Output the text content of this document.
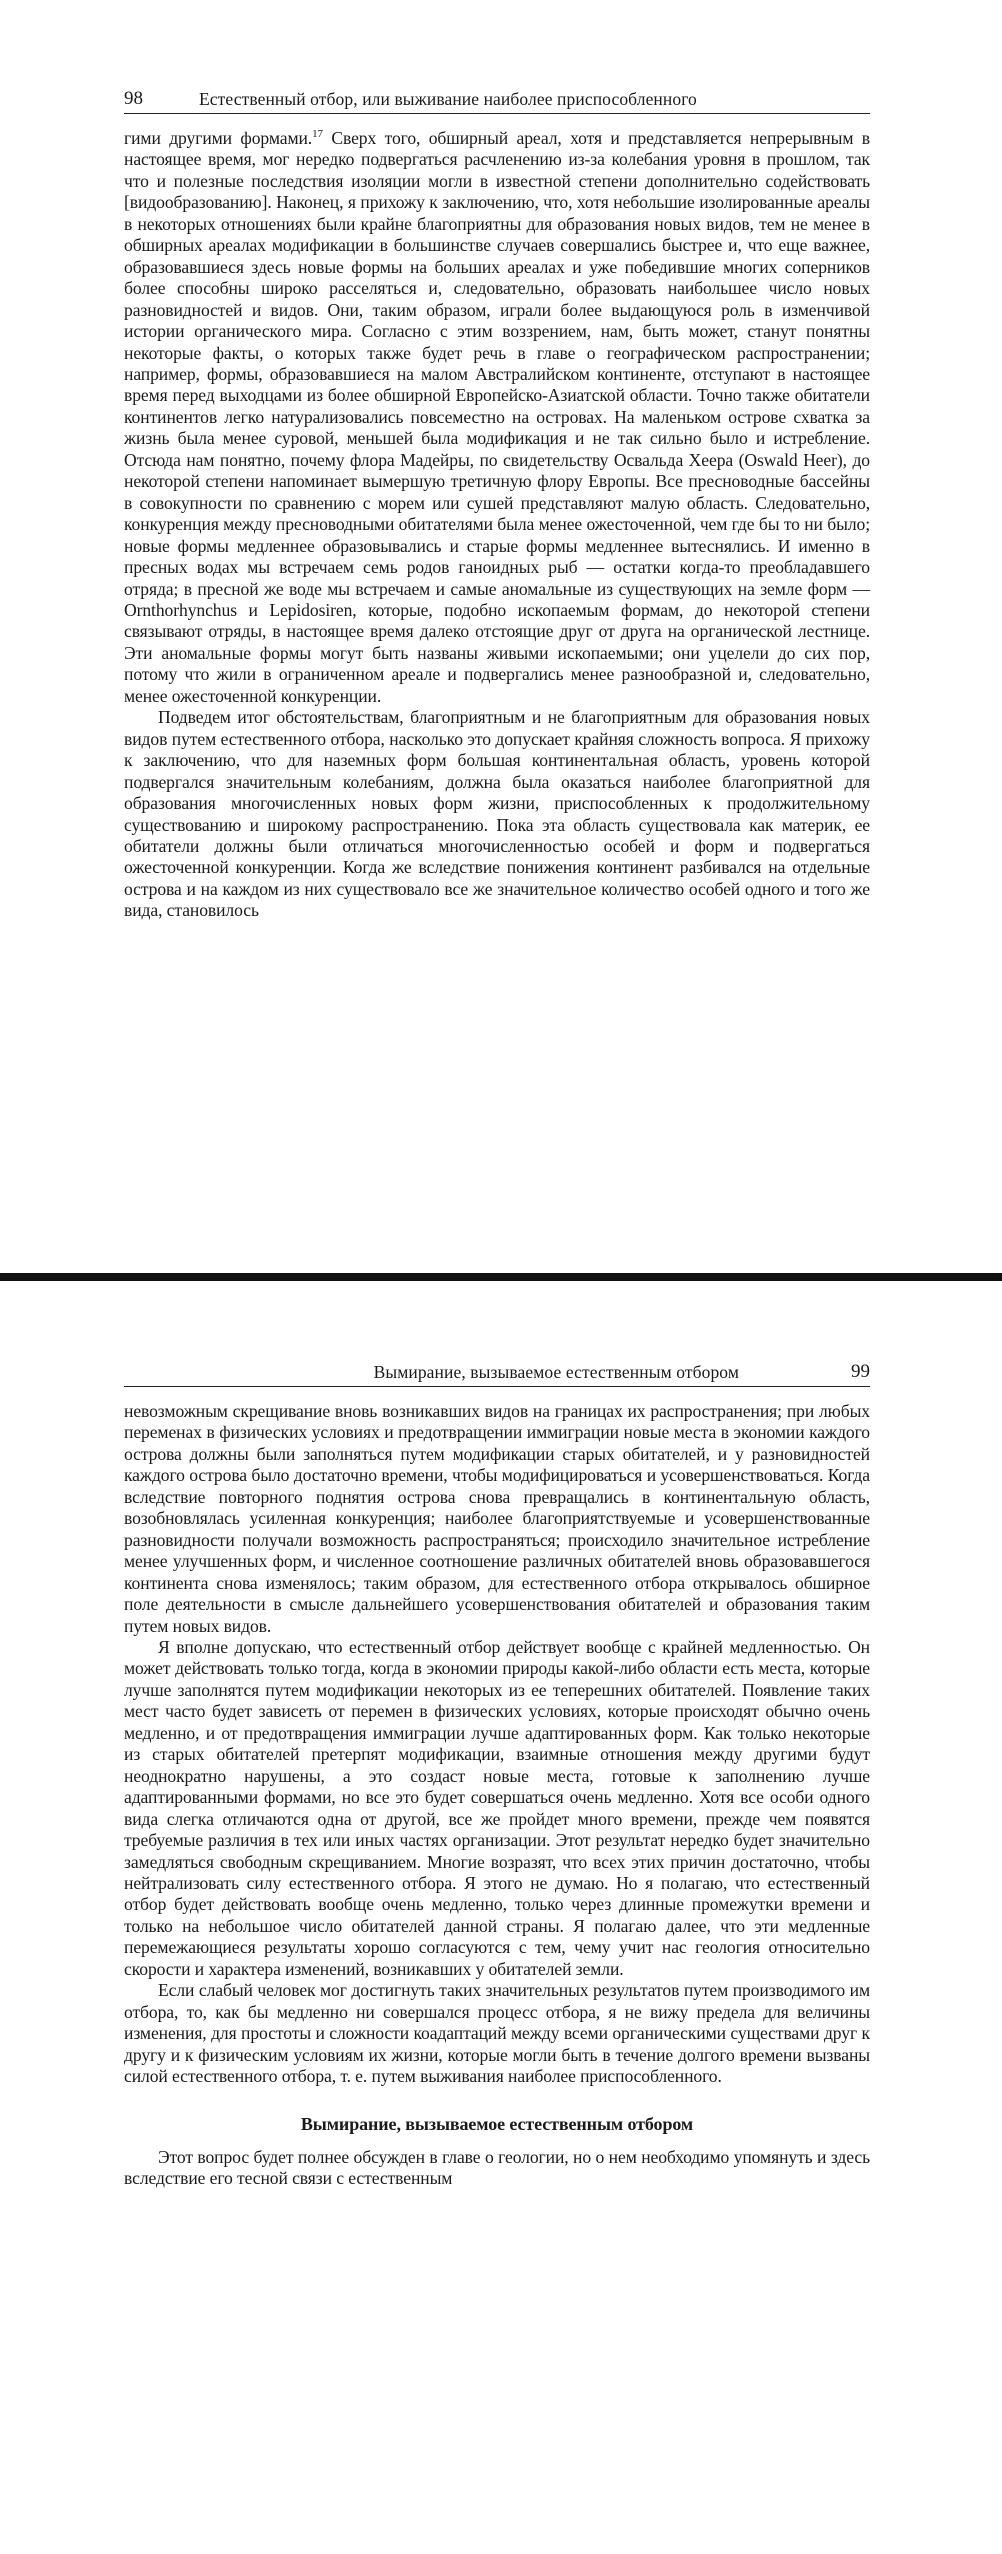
98	Естественный отбор, или выживание наиболее приспособленного

гими другими формами.$^{17}$ Сверх того, обширный ареал, хотя и представляется непрерывным в настоящее время, мог нередко подвергаться расчленению из-за колебания уровня в прошлом, так что и полезные последствия изоляции могли в известной степени дополнительно содействовать [видообразованию]. Наконец, я прихожу к заключению, что, хотя небольшие изолированные ареалы в некоторых отношениях были крайне благоприятны для образования новых видов, тем не менее в обширных ареалах модификации в большинстве случаев совершались быстрее и, что еще важнее, образовавшиеся здесь новые формы на больших ареалах и уже победившие многих соперников более способны широко расселяться и, следовательно, образовать наибольшее число новых разновидностей и видов. Они, таким образом, играли более выдающуюся роль в изменчивой истории органического мира. Согласно с этим воззрением, нам, быть может, станут понятны некоторые факты, о которых также будет речь в главе о географическом распространении; например, формы, образовавшиеся на малом Австралийском континенте, отступают в настоящее время перед выходцами из более обширной Европейско-Азиатской области. Точно также обитатели континентов легко натурализовались повсеместно на островах. На маленьком острове схватка за жизнь была менее суровой, меньшей была модификация и не так сильно было и истребление. Отсюда нам понятно, почему флора Мадейры, по свидетельству Освальда Хеера (Oswald Heer), до некоторой степени напоминает вымершую третичную флору Европы. Все пресноводные бассейны в совокупности по сравнению с морем или сушей представляют малую область. Следовательно, конкуренция между пресноводными обитателями была менее ожесточенной, чем где бы то ни было; новые формы медленнее образовывались и старые формы медленнее вытеснялись. И именно в пресных водах мы встречаем семь родов ганоидных рыб — остатки когда-то преобладавшего отряда; в пресной же воде мы встречаем и самые аномальные из существующих на земле форм — Ornthorhynchus и Lepidosiren, которые, подобно ископаемым формам, до некоторой степени связывают отряды, в настоящее время далеко отстоящие друг от друга на органической лестнице. Эти аномальные формы могут быть названы живыми ископаемыми; они уцелели до сих пор, потому что жили в ограниченном ареале и подвергались менее разнообразной и, следовательно, менее ожесточенной конкуренции.

Подведем итог обстоятельствам, благоприятным и не благоприятным для образования новых видов путем естественного отбора, насколько это допускает крайняя сложность вопроса. Я прихожу к заключению, что для наземных форм большая континентальная область, уровень которой подвергался значительным колебаниям, должна была оказаться наиболее благоприятной для образования многочисленных новых форм жизни, приспособленных к продолжительному существованию и широкому распространению. Пока эта область существовала как материк, ее обитатели должны были отличаться многочисленностью особей и форм и подвергаться ожесточенной конкуренции. Когда же вследствие понижения континент разбивался на отдельные острова и на каждом из них существовало все же значительное количество особей одного и того же вида, становилось

Вымирание, вызываемое естественным отбором	99

невозможным скрещивание вновь возникавших видов на границах их распространения; при любых переменах в физических условиях и предотвращении иммиграции новые места в экономии каждого острова должны были заполняться путем модификации старых обитателей, и у разновидностей каждого острова было достаточно времени, чтобы модифицироваться и усовершенствоваться. Когда вследствие повторного поднятия острова снова превращались в континентальную область, возобновлялась усиленная конкуренция; наиболее благоприятствуемые и усовершенствованные разновидности получали возможность распространяться; происходило значительное истребление менее улучшенных форм, и численное соотношение различных обитателей вновь образовавшегося континента снова изменялось; таким образом, для естественного отбора открывалось обширное поле деятельности в смысле дальнейшего усовершенствования обитателей и образования таким путем новых видов.

Я вполне допускаю, что естественный отбор действует вообще с крайней медленностью. Он может действовать только тогда, когда в экономии природы какой-либо области есть места, которые лучше заполнятся путем модификации некоторых из ее теперешних обитателей. Появление таких мест часто будет зависеть от перемен в физических условиях, которые происходят обычно очень медленно, и от предотвращения иммиграции лучше адаптированных форм. Как только некоторые из старых обитателей претерпят модификации, взаимные отношения между другими будут неоднократно нарушены, а это создаст новые места, готовые к заполнению лучше адаптированными формами, но все это будет совершаться очень медленно. Хотя все особи одного вида слегка отличаются одна от другой, все же пройдет много времени, прежде чем появятся требуемые различия в тех или иных частях организации. Этот результат нередко будет значительно замедляться свободным скрещиванием. Многие возразят, что всех этих причин достаточно, чтобы нейтрализовать силу естественного отбора. Я этого не думаю. Но я полагаю, что естественный отбор будет действовать вообще очень медленно, только через длинные промежутки времени и только на небольшое число обитателей данной страны. Я полагаю далее, что эти медленные перемежающиеся результаты хорошо согласуются с тем, чему учит нас геология относительно скорости и характера изменений, возникавших у обитателей земли.

Если слабый человек мог достигнуть таких значительных результатов путем производимого им отбора, то, как бы медленно ни совершался процесс отбора, я не вижу предела для величины изменения, для простоты и сложности коадаптаций между всеми органическими существами друг к другу и к физическим условиям их жизни, которые могли быть в течение долгого времени вызваны силой естественного отбора, т. е. путем выживания наиболее приспособленного.

Вымирание, вызываемое естественным отбором

Этот вопрос будет полнее обсужден в главе о геологии, но о нем необходимо упомянуть и здесь вследствие его тесной связи с естественным
